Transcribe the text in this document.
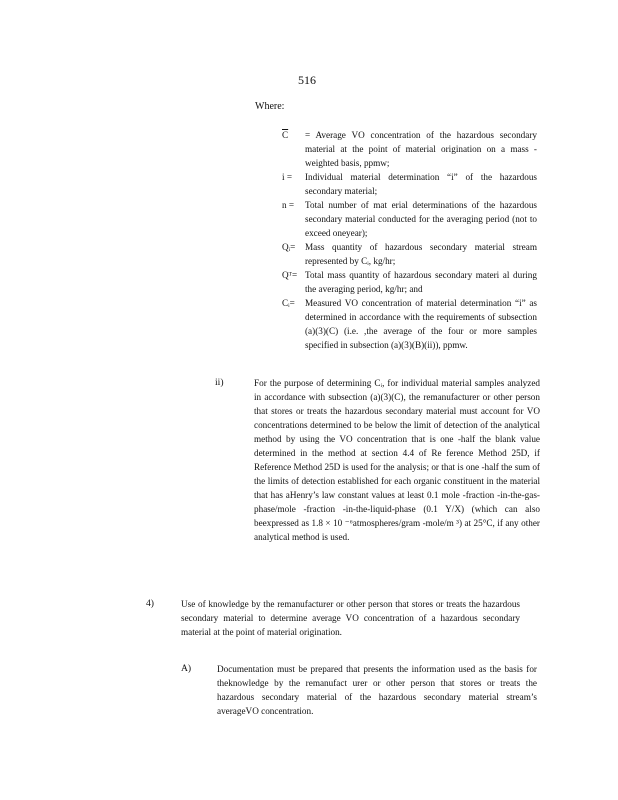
516
Where:
$\overline{C}$	= Average VO concentration of the hazardous secondary material at the point of material origination on a mass -weighted basis, ppmw;
i =	Individual material determination “i” of the hazardous secondary material;
n =	Total number of mat erial determinations of the hazardous secondary material conducted for the averaging period (not to exceed oneyear);
Qᵢ=	Mass quantity of hazardous secondary material stream represented by Cᵢ, kg/hr;
Qᵀ= Total mass quantity of hazardous secondary materi al during the averaging period, kg/hr; and
Cᵢ=	Measured VO concentration of material determination “i” as determined in accordance with the requirements of subsection (a)(3)(C) (i.e. ,the average of the four or more samples specified in subsection (a)(3)(B)(ii)), ppmw.
ii)	For the purpose of determining Cᵢ, for individual material samples analyzed in accordance with subsection (a)(3)(C), the remanufacturer or other person that stores or treats the hazardous secondary material must account for VO concentrations determined to be below the limit of detection of the analytical method by using the VO concentration that is one -half the blank value determined in the method at section 4.4 of Re ference Method 25D, if Reference Method 25D is used for the analysis; or that is one -half the sum of the limits of detection established for each organic constituent in the material that has aHenry’s law constant values at least 0.1 mole -fraction -in-the-gas-phase/mole -fraction -in-the-liquid-phase (0.1 Y/X) (which can also beexpressed as 1.8 × 10 ⁻⁶atmospheres/gram -mole/m ³) at 25°C, if any other analytical method is used.
4)	Use of knowledge by the remanufacturer or other person that stores or treats the hazardous secondary material to determine average VO concentration of a hazardous secondary material at the point of material origination.
A)	Documentation must be prepared that presents the information used as the basis for theknowledge by the remanufact urer or other person that stores or treats the hazardous secondary material of the hazardous secondary material stream’s averageVO concentration.
